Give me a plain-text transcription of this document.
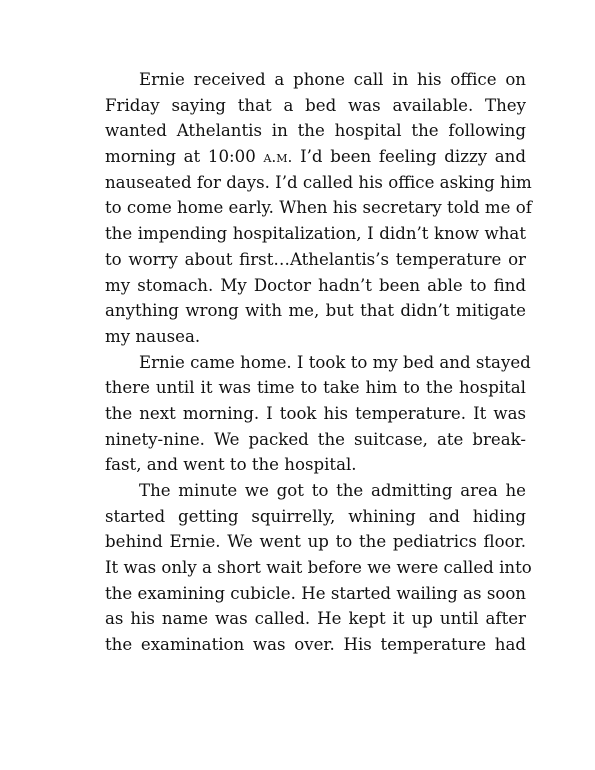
Ernie received a phone call in his office on
Friday saying that a bed was available. They
wanted Athelantis in the hospital the following
morning at 10:00 a.m. I’d been feeling dizzy and
nauseated for days. I’d called his office asking him
to come home early. When his secretary told me of
the impending hospitalization, I didn’t know what
to worry about first…Athelantis’s temperature or
my stomach. My Doctor hadn’t been able to find
anything wrong with me, but that didn’t mitigate
my nausea.
Ernie came home. I took to my bed and stayed
there until it was time to take him to the hospital
the next morning. I took his temperature. It was
ninety-nine. We packed the suitcase, ate break-
fast, and went to the hospital.
The minute we got to the admitting area he
started getting squirrelly, whining and hiding
behind Ernie. We went up to the pediatrics floor.
It was only a short wait before we were called into
the examining cubicle. He started wailing as soon
as his name was called. He kept it up until after
the examination was over. His temperature had
